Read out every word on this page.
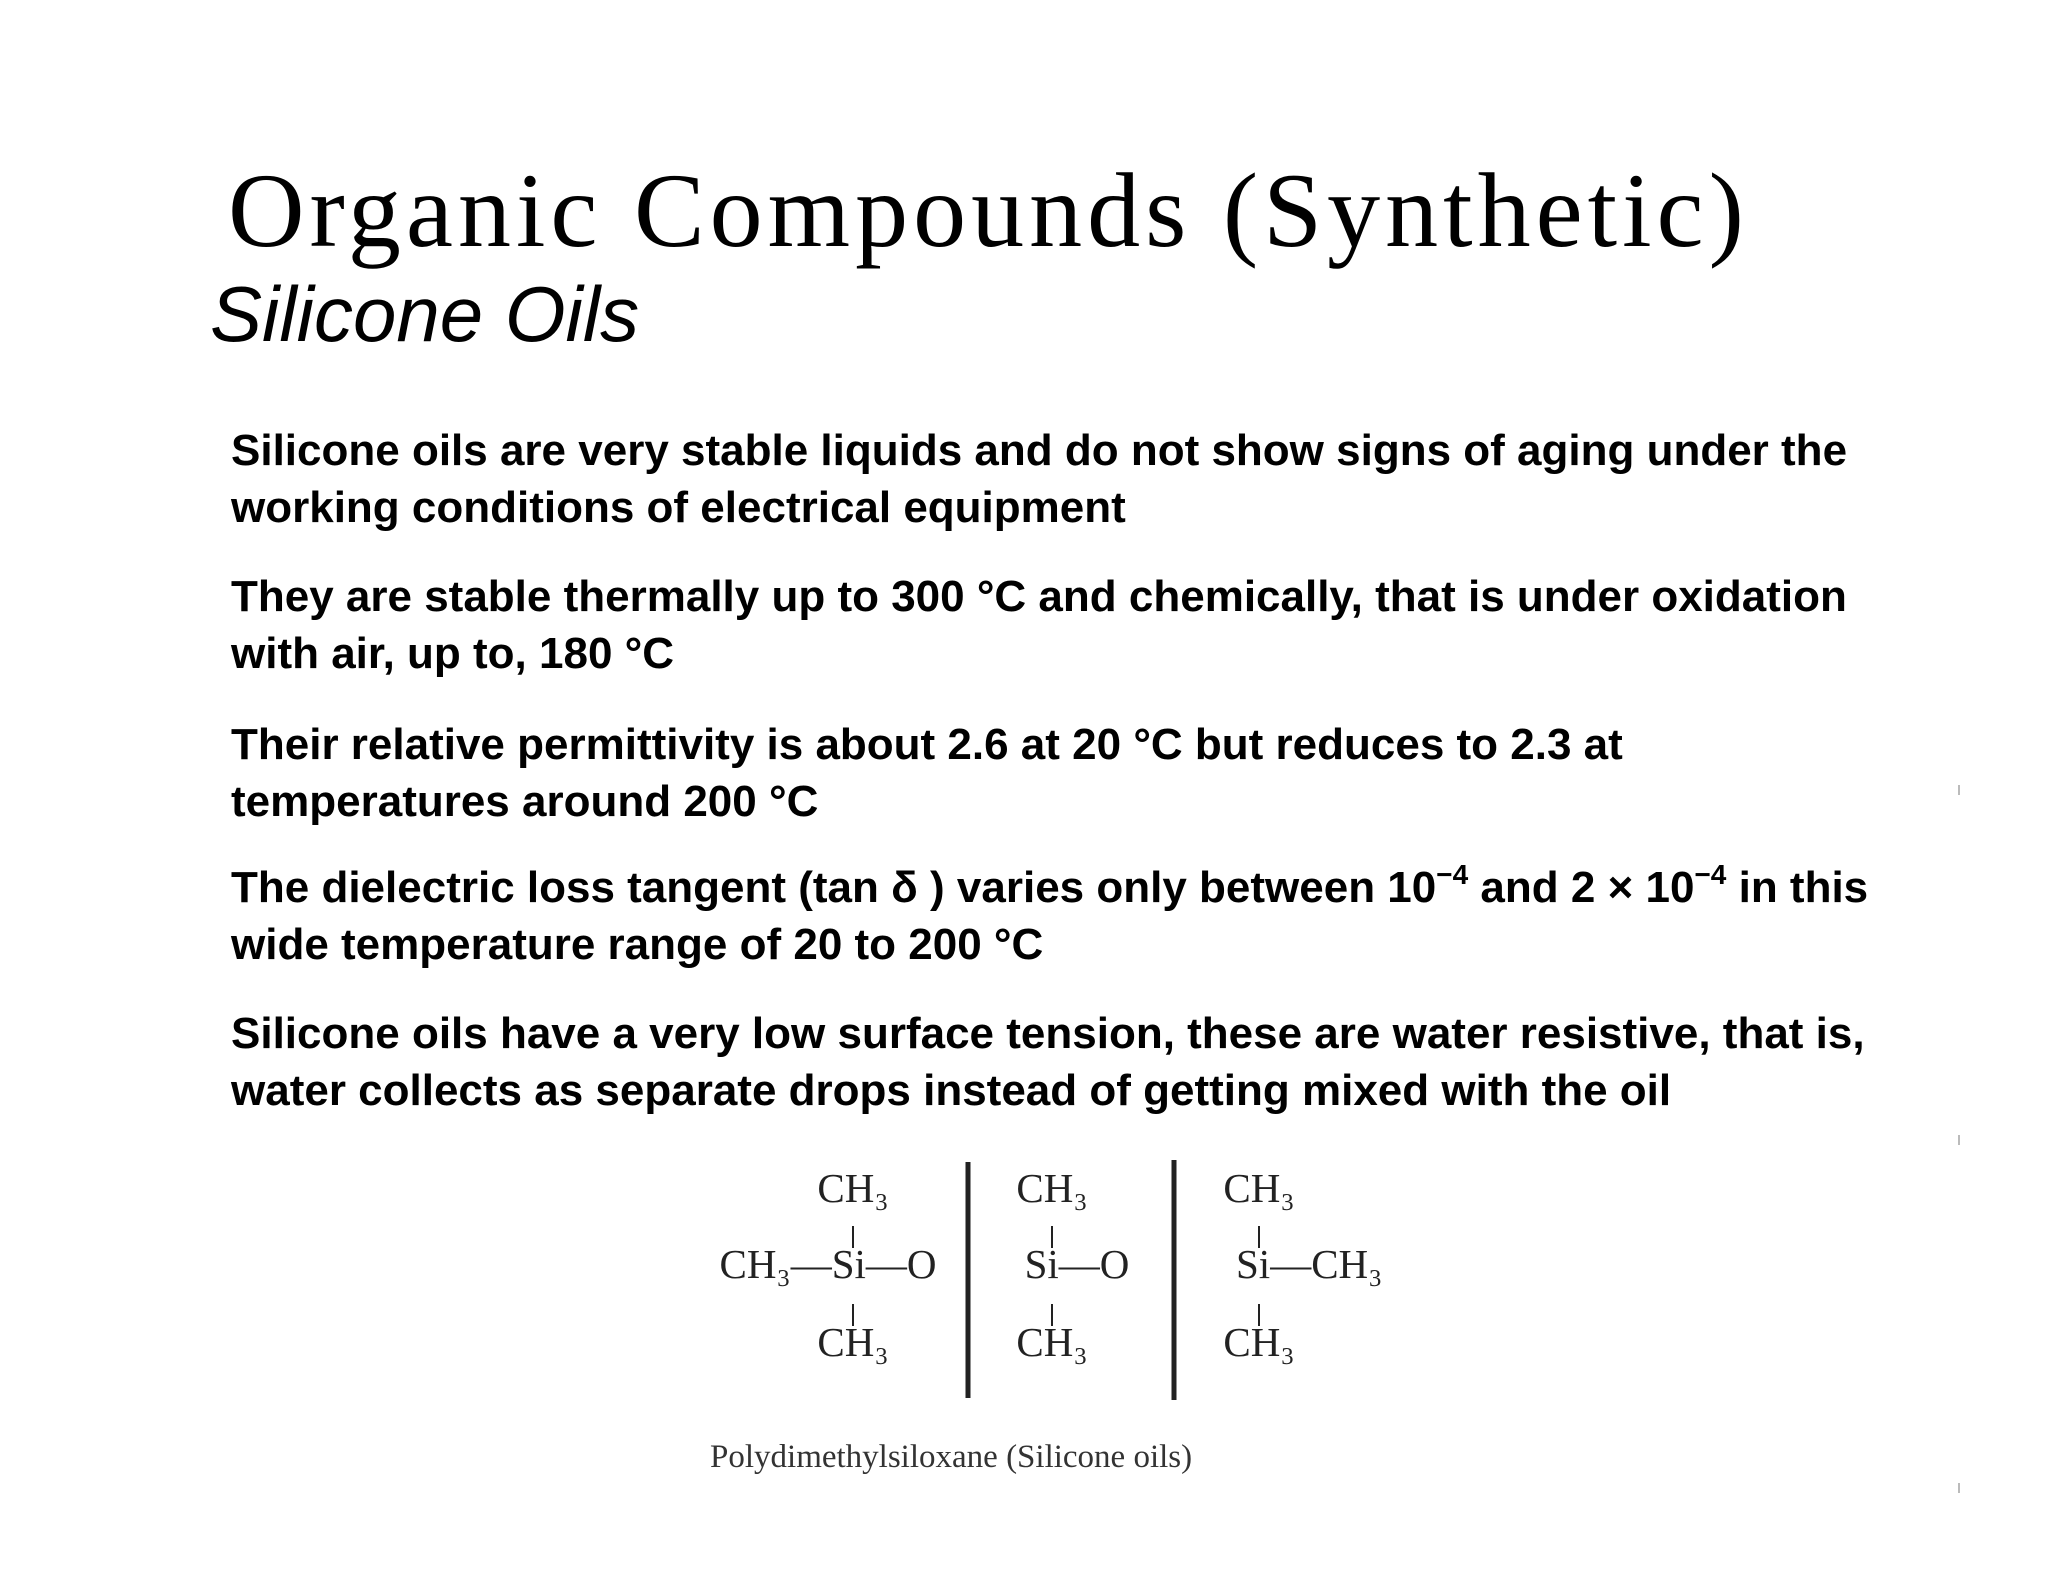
Organic Compounds (Synthetic)
Silicone Oils

Silicone oils are very stable liquids and do not show signs of aging under the working conditions of electrical equipment

They are stable thermally up to 300 °C and chemically, that is under oxidation with air, up to, 180 °C

Their relative permittivity is about 2.6 at 20 °C but reduces to 2.3 at temperatures around 200 °C

The dielectric loss tangent (tan δ ) varies only between $10^{-4}$ and $2 \times 10^{-4}$ in this wide temperature range of 20 to 200 °C

Silicone oils have a very low surface tension, these are water resistive, that is, water collects as separate drops instead of getting mixed with the oil

CH₃
CH₃—Si—O
CH₃
CH₃
Si—O
CH₃
CH₃
Si—CH₃
CH₃
Polydimethylsiloxane (Silicone oils)
